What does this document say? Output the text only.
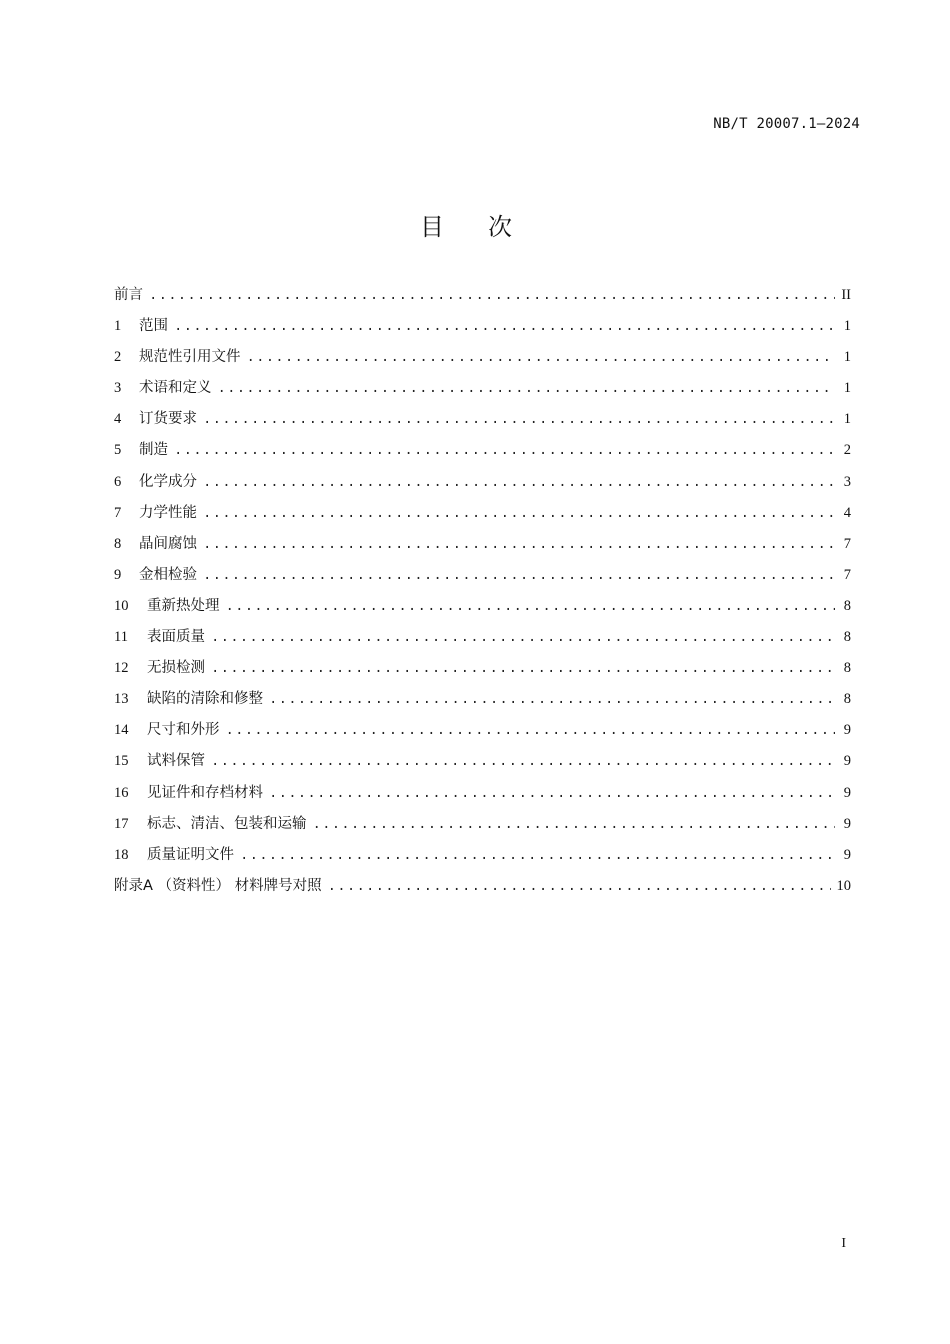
NB/T 20007.1—2024
目次
前言 .....	II
1	范围 .....	1
2	规范性引用文件 .....	1
3	术语和定义 .....	1
4	订货要求 .....	1
5	制造 .....	2
6	化学成分 .....	3
7	力学性能 .....	4
8	晶间腐蚀 .....	7
9	金相检验 .....	7
10	重新热处理 .....	8
11	表面质量 .....	8
12	无损检测 .....	8
13	缺陷的清除和修整 .....	8
14	尺寸和外形 .....	9
15	试料保管 .....	9
16	见证件和存档材料 .....	9
17	标志、清洁、包装和运输 .....	9
18	质量证明文件 .....	9
附录A （资料性） 材料牌号对照 .....	10
I
